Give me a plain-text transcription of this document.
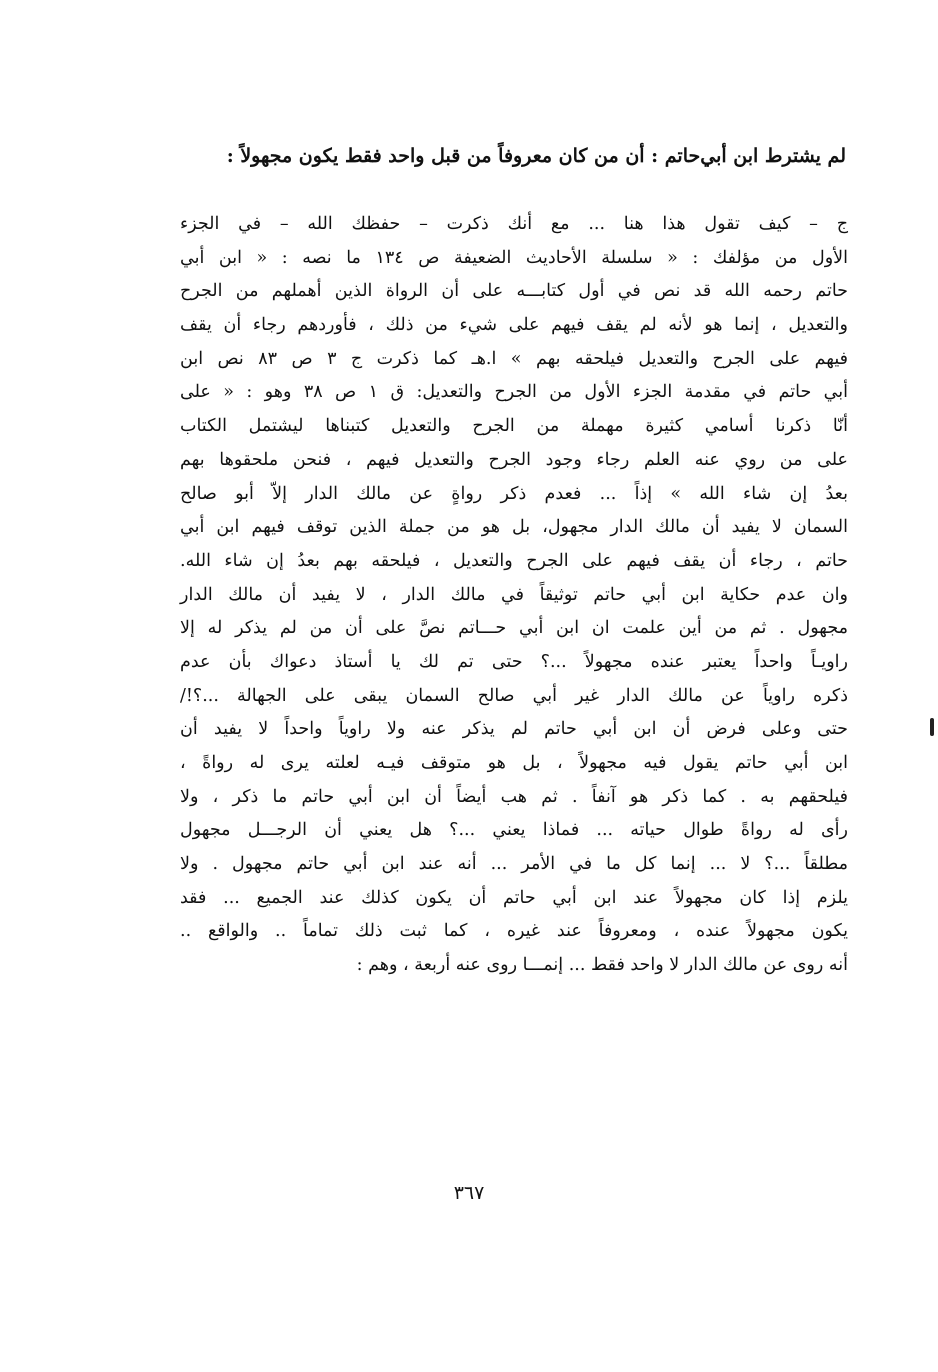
لم يشترط ابن أبي‌حاتم : أن من كان معروفاً من قبل واحد فقط يكون مجهولاً :
ج – كيف تقول هذا هنا ... مع أنك ذكرت – حفظك الله – في الجزء
الأول من مؤلفك : « سلسلة الأحاديث الضعيفة ص ١٣٤ ما نصه : « ابن أبي
حاتم رحمه الله قد نص في أول كتابـــه على أن الرواة الذين أهملهم من الجرح
والتعديل ، إنما هو لأنه لم يقف فيهم على شيء من ذلك ، فأوردهم رجاء أن يقف
فيهم على الجرح والتعديل فيلحقه بهم » ا.هـ كما ذكرت ج ٣ ص ٨٣ نص ابن
أبي حاتم في مقدمة الجزء الأول من الجرح والتعديل: ق ١ ص ٣٨ وهو : « على
أنّا ذكرنا أسامي كثيرة مهملة من الجرح والتعديل كتبناها ليشتمل الكتاب
على من روي عنه العلم رجاء وجود الجرح والتعديل فيهم ، فنحن ملحقوها بهم
بعدُ إن شاء الله » إذاً ... فعدم ذكر رواةٍ عن مالك الدار إلاّ أبو صالح
السمان لا يفيد أن مالك الدار مجهول، بل هو من جملة الذين توقف فيهم ابن أبي
حاتم ، رجاء أن يقف فيهم على الجرح والتعديل ، فيلحقه بهم بعدُ إن شاء الله.
وان عدم حكاية ابن أبي حاتم توثيقاً في مالك الدار ، لا يفيد أن مالك الدار
مجهول . ثم من أين علمت ان ابن أبي حـــاتم نصَّ على أن من لم يذكر له إلا
راويـاً واحداً يعتبر عنده مجهولاً ...؟ حتى تم لك يا أستاذ دعواك بأن عدم
ذكره راوياً عن مالك الدار غير أبي صالح السمان يبقى على الجهالة ...؟!/
حتى وعلى فرض أن ابن أبي حاتم لم يذكر عنه ولا راوياً واحداً لا يفيد أن
ابن أبي حاتم يقول فيه مجهولاً ، بل هو متوقف فيـه لعلته يرى له رواةً ،
فيلحقهم به . كما ذكر هو آنفاً . ثم هب أيضاً أن ابن أبي حاتم ما ذكر ، ولا
رأى له رواةً طوال حياته ... فماذا يعني ...؟ هل يعني أن الرجـــل مجهول
مطلقاً ...؟ لا ... إنما كل ما في الأمر ... أنه عند ابن أبي حاتم مجهول . ولا
يلزم إذا كان مجهولاً عند ابن أبي حاتم أن يكون كذلك عند الجميع ... فقد
يكون مجهولاً عنده ، ومعروفاً عند غيره ، كما ثبت ذلك تماماً .. والواقع ..
أنه روى عن مالك الدار لا واحد فقط ... إنمـــا روى عنه أربعة ، وهم :
٣٦٧
